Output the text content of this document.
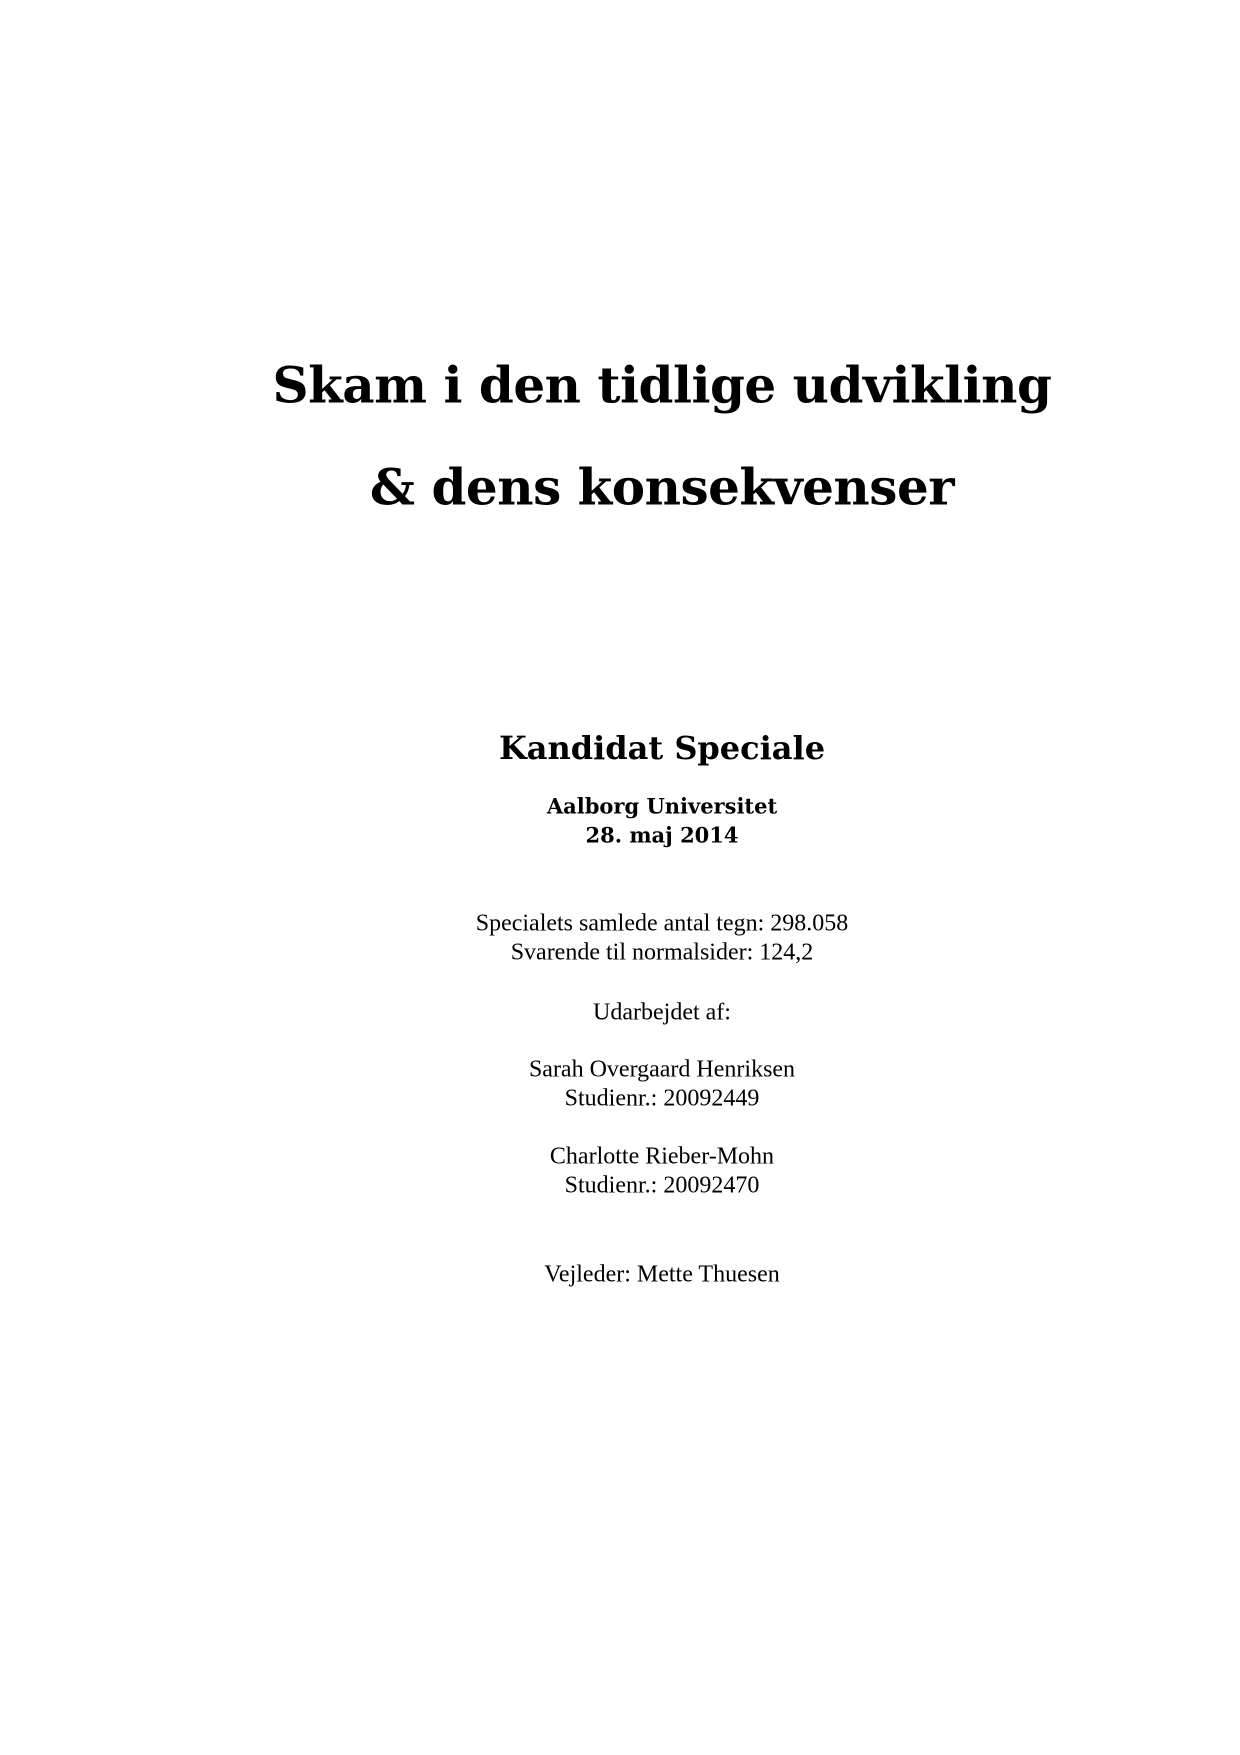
Skam i den tidlige udvikling
& dens konsekvenser
Kandidat Speciale
Aalborg Universitet
28. maj 2014
Specialets samlede antal tegn: 298.058
Svarende til normalsider: 124,2
Udarbejdet af:
Sarah Overgaard Henriksen
Studienr.: 20092449
Charlotte Rieber-Mohn
Studienr.: 20092470
Vejleder: Mette Thuesen
